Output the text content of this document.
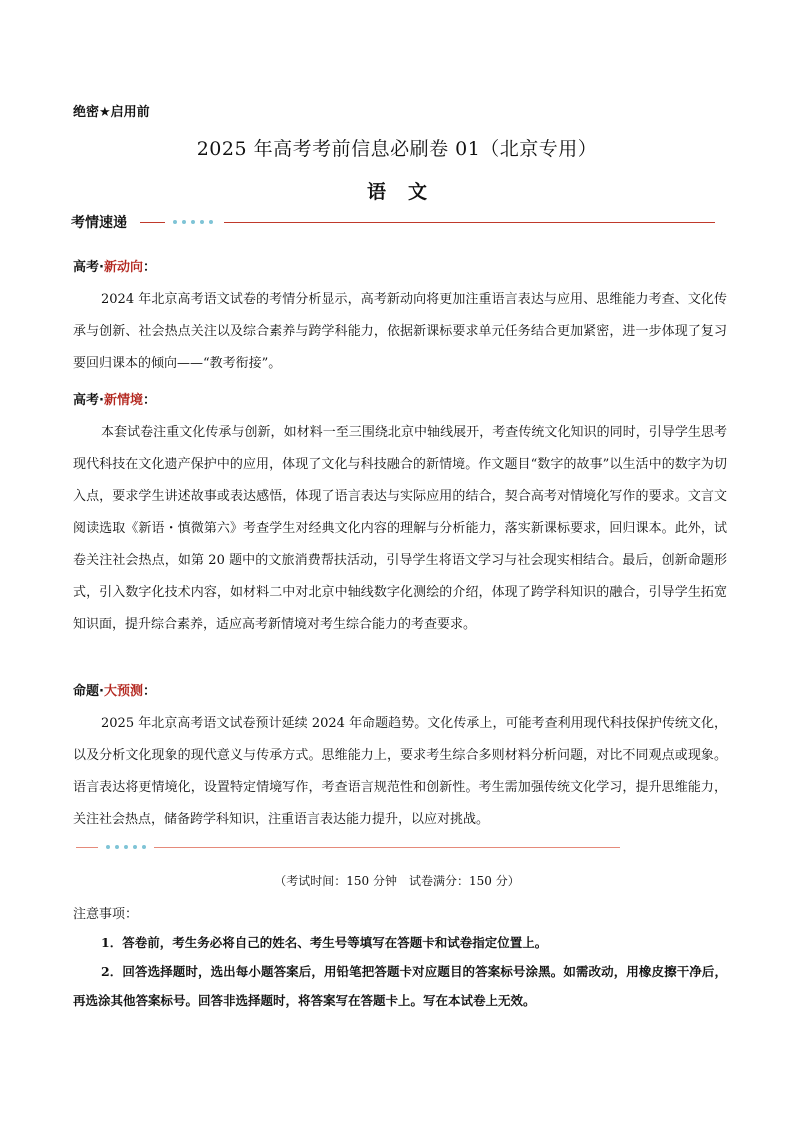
绝密★启用前
2025 年高考考前信息必刷卷 01（北京专用）
语文
考情速递
高考·新动向：
2024 年北京高考语文试卷的考情分析显示，高考新动向将更加注重语言表达与应用、思维能力考查、文化传承与创新、社会热点关注以及综合素养与跨学科能力，依据新课标要求单元任务结合更加紧密，进一步体现了复习要回归课本的倾向——“教考衔接”。
高考·新情境：
本套试卷注重文化传承与创新，如材料一至三围绕北京中轴线展开，考查传统文化知识的同时，引导学生思考现代科技在文化遗产保护中的应用，体现了文化与科技融合的新情境。作文题目“数字的故事”以生活中的数字为切入点，要求学生讲述故事或表达感悟，体现了语言表达与实际应用的结合，契合高考对情境化写作的要求。文言文阅读选取《新语・慎微第六》考查学生对经典文化内容的理解与分析能力，落实新课标要求，回归课本。此外，试卷关注社会热点，如第 20 题中的文旅消费帮扶活动，引导学生将语文学习与社会现实相结合。最后，创新命题形式，引入数字化技术内容，如材料二中对北京中轴线数字化测绘的介绍，体现了跨学科知识的融合，引导学生拓宽知识面，提升综合素养，适应高考新情境对考生综合能力的考查要求。
命题·大预测：
2025 年北京高考语文试卷预计延续 2024 年命题趋势。文化传承上，可能考查利用现代科技保护传统文化，以及分析文化现象的现代意义与传承方式。思维能力上，要求考生综合多则材料分析问题，对比不同观点或现象。语言表达将更情境化，设置特定情境写作，考查语言规范性和创新性。考生需加强传统文化学习，提升思维能力，关注社会热点，储备跨学科知识，注重语言表达能力提升，以应对挑战。
（考试时间：150 分钟　试卷满分：150 分）
注意事项：
1．答卷前，考生务必将自己的姓名、考生号等填写在答题卡和试卷指定位置上。
2．回答选择题时，选出每小题答案后，用铅笔把答题卡对应题目的答案标号涂黑。如需改动，用橡皮擦干净后，再选涂其他答案标号。回答非选择题时，将答案写在答题卡上。写在本试卷上无效。
